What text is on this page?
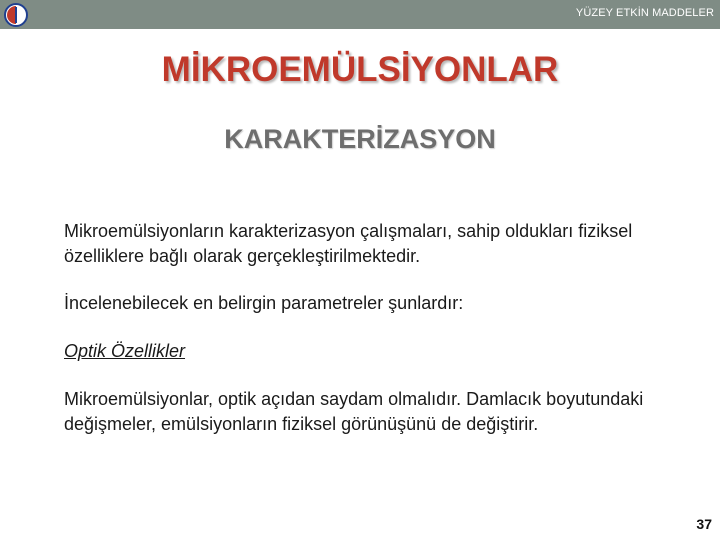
YÜZEY ETKİN MADDELER
MİKROEMÜLSİYONLAR
KARAKTERİZASYON
Mikroemülsiyonların karakterizasyon çalışmaları, sahip oldukları fiziksel özelliklere bağlı olarak gerçekleştirilmektedir.
İncelenebilecek en belirgin parametreler şunlardır:
Optik Özellikler
Mikroemülsiyonlar, optik açıdan saydam olmalıdır. Damlacık boyutundaki değişmeler, emülsiyonların fiziksel görünüşünü de değiştirir.
37
